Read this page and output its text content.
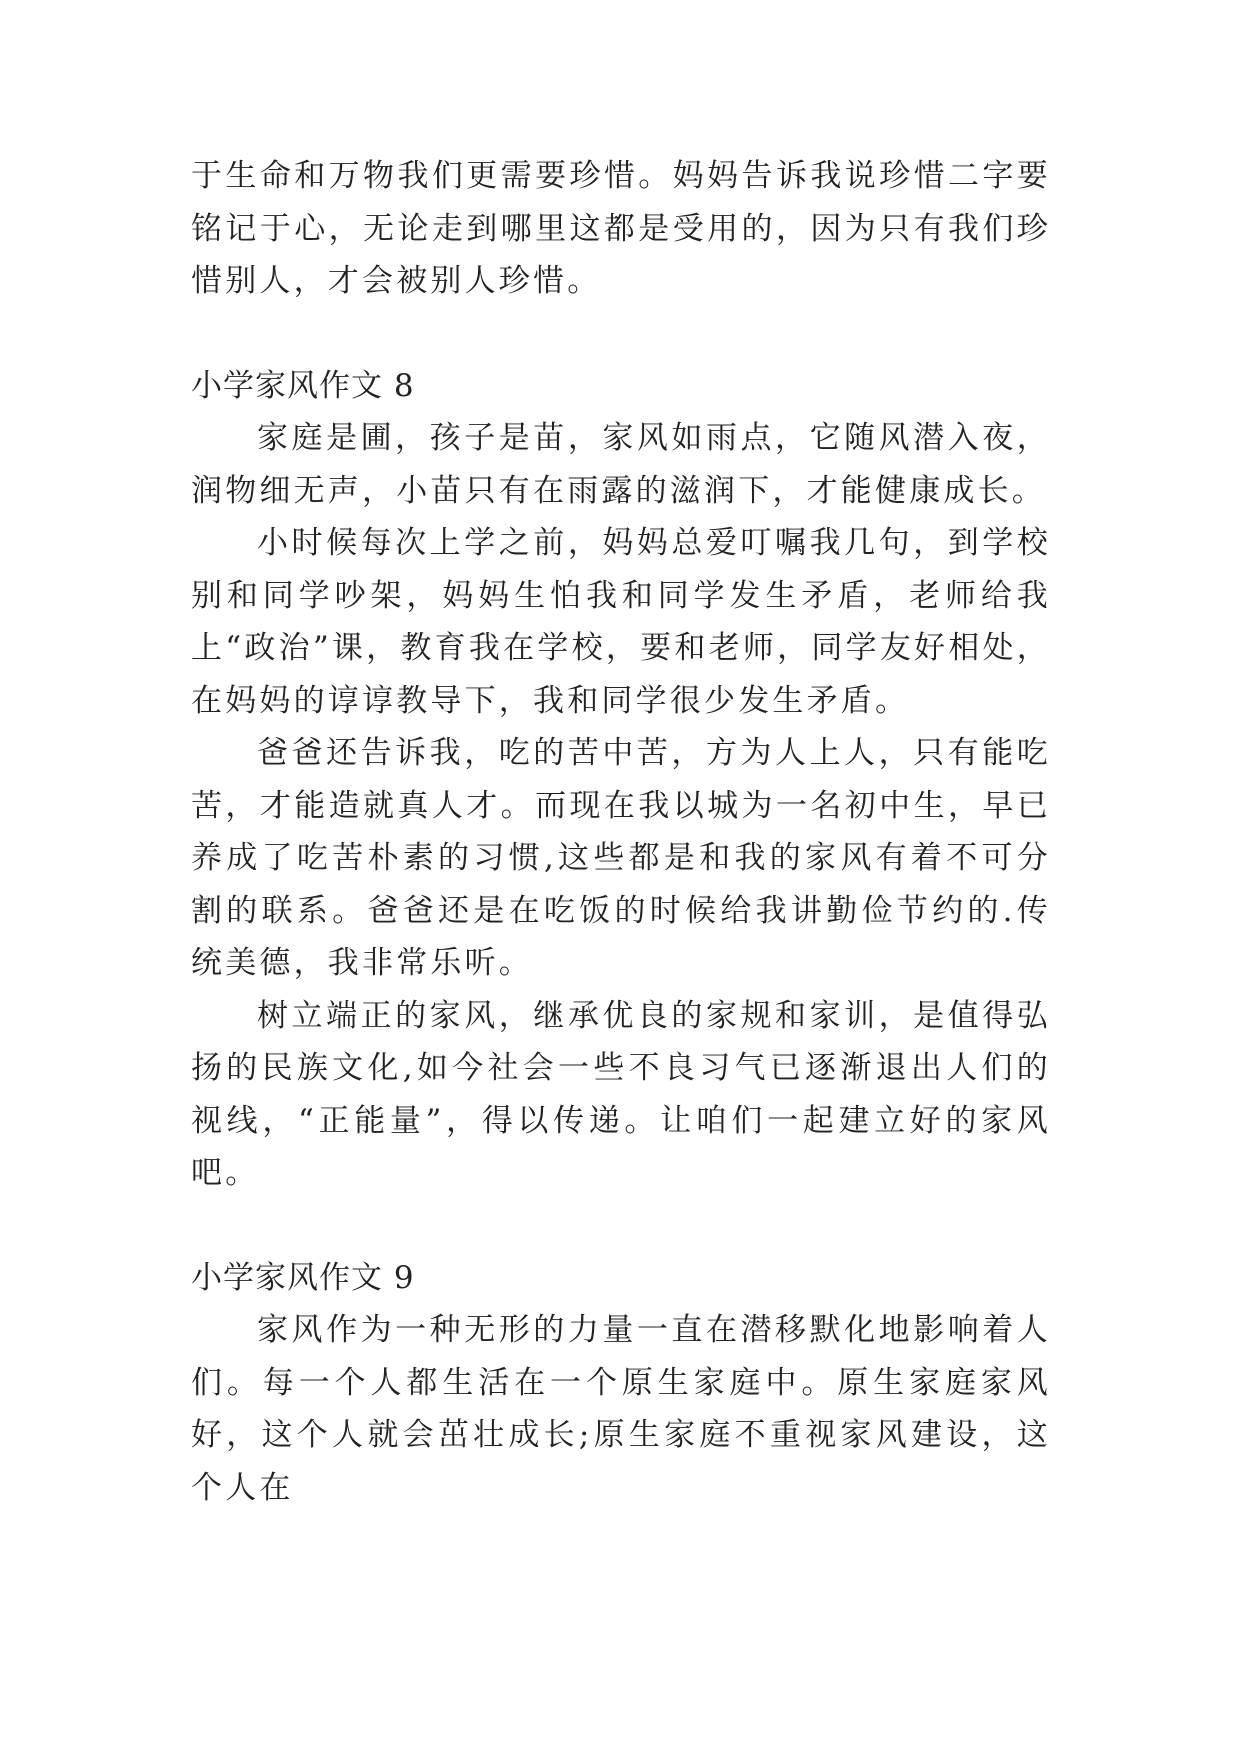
于生命和万物我们更需要珍惜。妈妈告诉我说珍惜二字要铭记于心，无论走到哪里这都是受用的，因为只有我们珍惜别人，才会被别人珍惜。

小学家风作文 8

家庭是圃，孩子是苗，家风如雨点，它随风潜入夜，润物细无声，小苗只有在雨露的滋润下，才能健康成长。

小时候每次上学之前，妈妈总爱叮嘱我几句，到学校别和同学吵架，妈妈生怕我和同学发生矛盾，老师给我上“政治”课，教育我在学校，要和老师，同学友好相处，在妈妈的谆谆教导下，我和同学很少发生矛盾。

爸爸还告诉我，吃的苦中苦，方为人上人，只有能吃苦，才能造就真人才。而现在我以城为一名初中生，早已养成了吃苦朴素的习惯,这些都是和我的家风有着不可分割的联系。爸爸还是在吃饭的时候给我讲勤俭节约的.传统美德，我非常乐听。

树立端正的家风，继承优良的家规和家训，是值得弘扬的民族文化,如今社会一些不良习气已逐渐退出人们的视线，“正能量”，得以传递。让咱们一起建立好的家风吧。

小学家风作文 9

家风作为一种无形的力量一直在潜移默化地影响着人们。每一个人都生活在一个原生家庭中。原生家庭家风好，这个人就会茁壮成长;原生家庭不重视家风建设，这个人在
